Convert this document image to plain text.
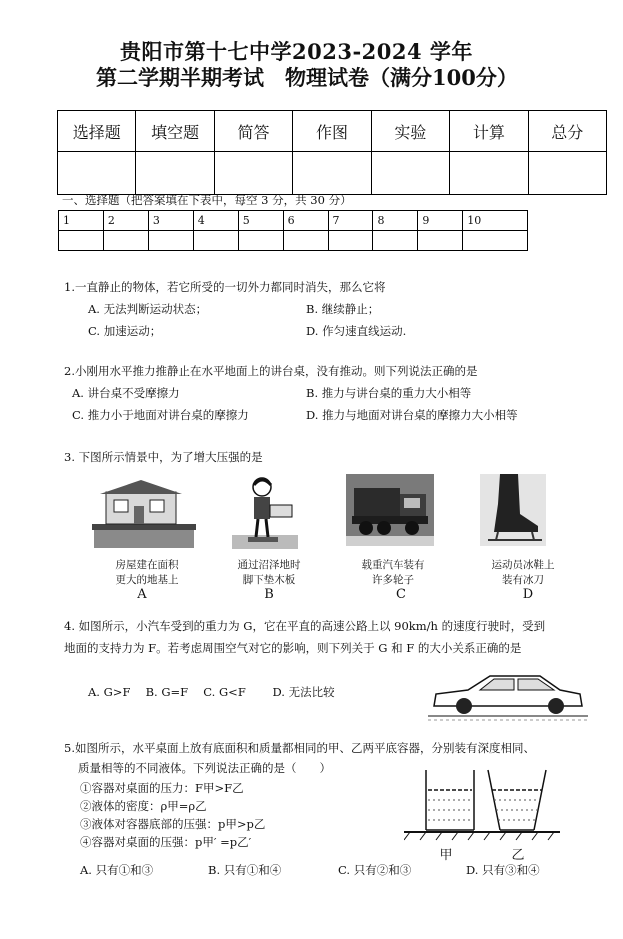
贵阳市第十七中学2023-2024 学年
第二学期半期考试　物理试卷（满分100分）
选择题	填空题	简答	作图	实验	计算	总分

一、选择题（把答案填在下表中，每空 3 分，共 30 分）
1	2	3	4	5	6	7	8	9	10

1.一直静止的物体，若它所受的一切外力都同时消失，那么它将
A. 无法判断运动状态；	B. 继续静止；
C. 加速运动；	D. 作匀速直线运动.
2.小刚用水平推力推静止在水平地面上的讲台桌，没有推动。则下列说法正确的是
A. 讲台桌不受摩擦力	B. 推力与讲台桌的重力大小相等
C. 推力小于地面对讲台桌的摩擦力	D. 推力与地面对讲台桌的摩擦力大小相等
3. 下图所示情景中，为了增大压强的是
房屋建在面积
更大的地基上
通过沼泽地时
脚下垫木板
载重汽车装有
许多轮子
运动员冰鞋上
装有冰刀
A	B	C	D
4. 如图所示，小汽车受到的重力为 G，它在平直的高速公路上以 90km/h 的速度行驶时，受到
地面的支持力为 F。若考虑周围空气对它的影响，则下列关于 G 和 F 的大小关系正确的是
A. G>F　 B. G=F　 C. G<F　　 D. 无法比较
5.如图所示，水平桌面上放有底面积和质量都相同的甲、乙两平底容器，分别装有深度相同、
质量相等的不同液体。下列说法正确的是（　　）
①容器对桌面的压力：F甲>F乙
②液体的密度：ρ甲=ρ乙
③液体对容器底部的压强：p甲>p乙
④容器对桌面的压强：p甲′ =p乙′
甲	乙
A. 只有①和③	B. 只有①和④	C. 只有②和③	D. 只有③和④
